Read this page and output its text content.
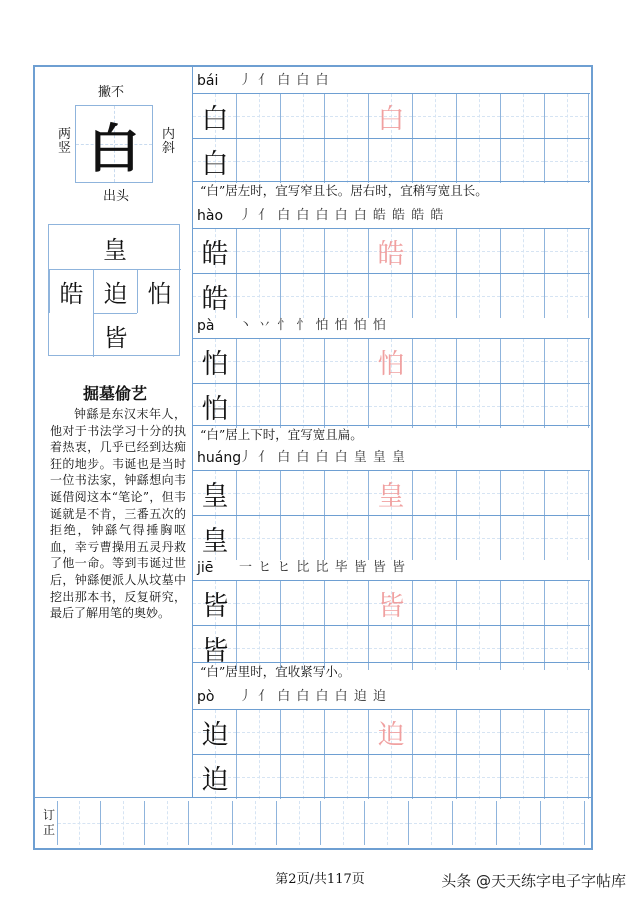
撇不
两竖
内斜
出头
白
皇
皓 迫 怕
皆
掘墓偷艺
钟繇是东汉末年人，他对于书法学习十分的执着热衷，几乎已经到达痴狂的地步。韦诞也是当时一位书法家，钟繇想向韦诞借阅这本“笔论”，但韦诞就是不肯，三番五次的拒绝，钟繇气得捶胸呕血，幸亏曹操用五灵丹救了他一命。等到韦诞过世后，钟繇便派人从坟墓中挖出那本书，反复研究，最后了解用笔的奥妙。
bái 丿 亻 白 白 白
白	白
白
hào 丿 亻 白 白 白 白 白 皓 皓 皓 皓
皓	皓
皓
pà 丶 丷 忄 忄 怕 怕 怕 怕
怕	怕
怕
huáng
丿 亻 白 白 白 白 皇 皇 皇
皇	皇
皇
jiē 一 ヒ ヒ 比 比 毕 皆 皆 皆
皆	皆
皆
pò 丿 亻 白 白 白 白 迫 迫
迫	迫
迫
“白”居左时，宜写窄且长。居右时，宜稍写宽且长。
“白”居上下时，宜写宽且扁。
“白”居里时，宜收紧写小。
订正
第2页/共117页	头条 @天天练字电子字帖库
